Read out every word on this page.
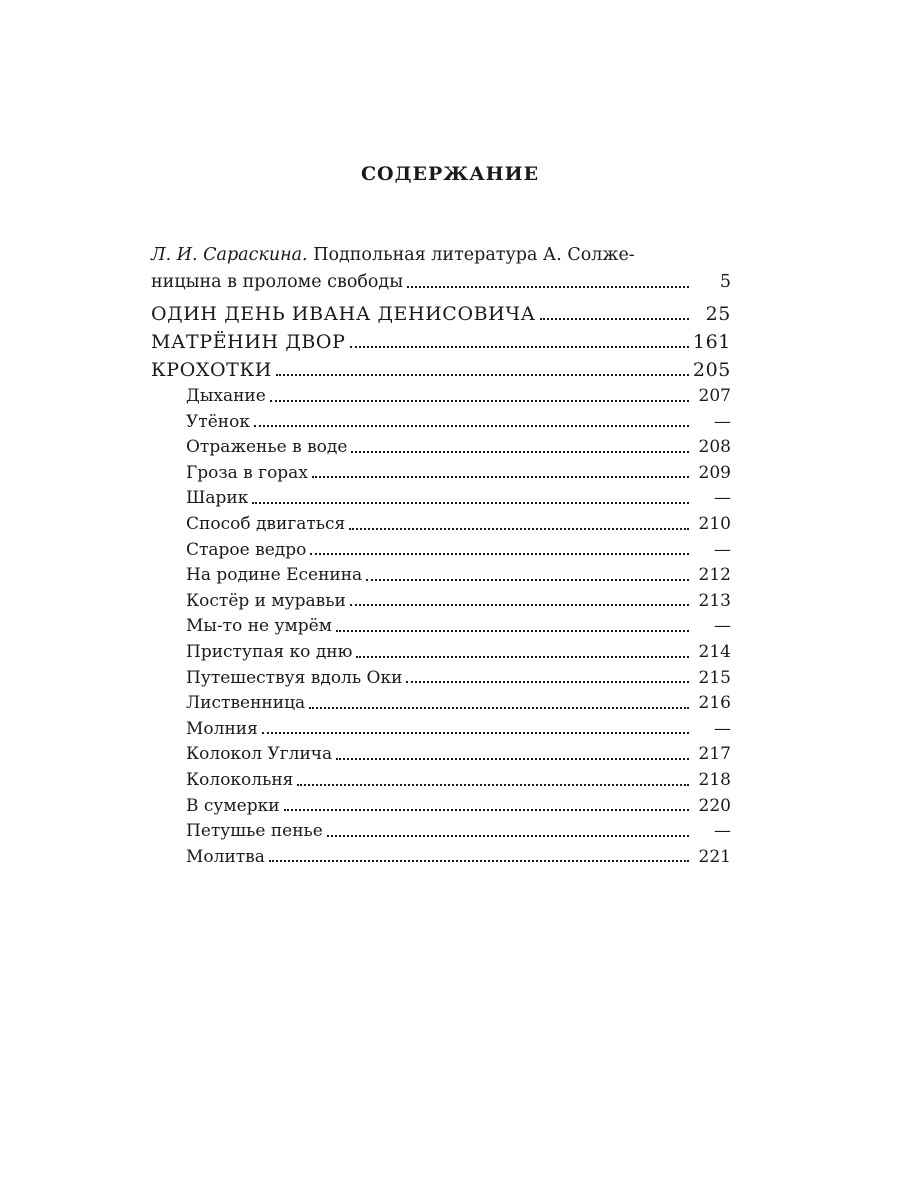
СОДЕРЖАНИЕ
Л. И. Сараскина. Подпольная литература А. Солже-
ницына в проломе свободы	5
ОДИН ДЕНЬ ИВАНА ДЕНИСОВИЧА	25
МАТРЁНИН ДВОР	161
КРОХОТКИ	205
Дыхание	207
Утёнок	—
Отраженье в воде	208
Гроза в горах	209
Шарик	—
Способ двигаться	210
Старое ведро	—
На родине Есенина	212
Костёр и муравьи	213
Мы-то не умрём	—
Приступая ко дню	214
Путешествуя вдоль Оки	215
Лиственница	216
Молния	—
Колокол Углича	217
Колокольня	218
В сумерки	220
Петушье пенье	—
Молитва	221
